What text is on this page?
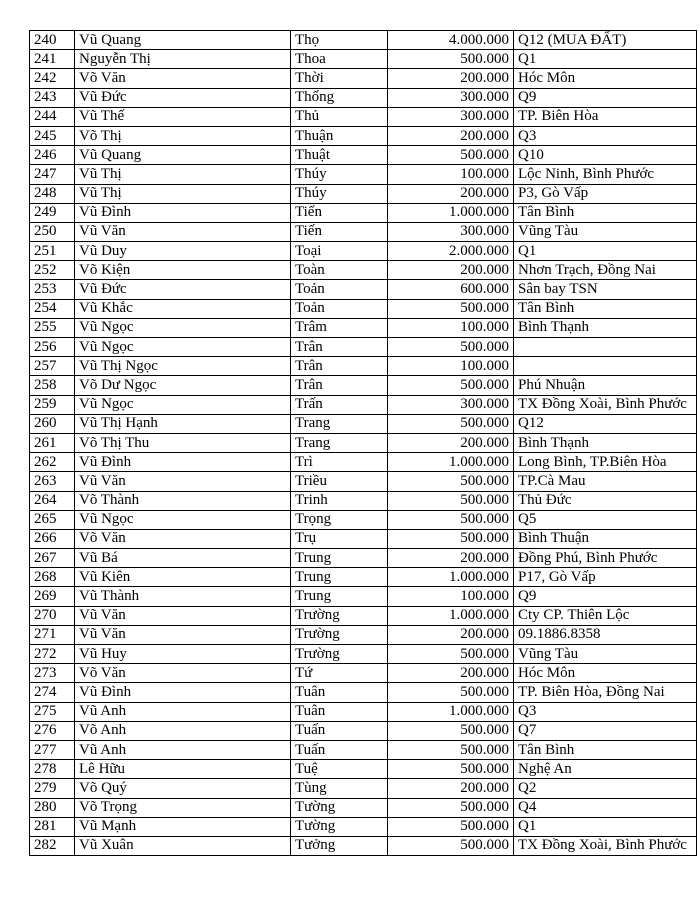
240	Vũ Quang	Thọ	4.000.000	Q12 (MUA ĐẤT)
241	Nguyễn Thị	Thoa	500.000	Q1
242	Võ Văn	Thời	200.000	Hóc Môn
243	Vũ Đức	Thống	300.000	Q9
244	Vũ Thế	Thủ	300.000	TP. Biên Hòa
245	Võ Thị	Thuận	200.000	Q3
246	Vũ Quang	Thuật	500.000	Q10
247	Vũ Thị	Thúy	100.000	Lộc Ninh, Bình Phước
248	Vũ Thị	Thúy	200.000	P3, Gò Vấp
249	Vũ Đình	Tiến	1.000.000	Tân Bình
250	Vũ Văn	Tiến	300.000	Vũng Tàu
251	Vũ Duy	Toại	2.000.000	Q1
252	Võ Kiện	Toàn	200.000	Nhơn Trạch, Đồng Nai
253	Vũ Đức	Toản	600.000	Sân bay TSN
254	Vũ Khắc	Toản	500.000	Tân Bình
255	Vũ Ngọc	Trâm	100.000	Bình Thạnh
256	Vũ Ngọc	Trân	500.000	
257	Vũ Thị Ngọc	Trân	100.000	
258	Võ Dư Ngọc	Trân	500.000	Phú Nhuận
259	Vũ Ngọc	Trấn	300.000	TX Đồng Xoài, Bình Phước
260	Vũ Thị Hạnh	Trang	500.000	Q12
261	Võ Thị Thu	Trang	200.000	Bình Thạnh
262	Vũ Đình	Trì	1.000.000	Long Bình, TP.Biên Hòa
263	Vũ Văn	Triều	500.000	TP.Cà Mau
264	Võ Thành	Trinh	500.000	Thủ Đức
265	Vũ Ngọc	Trọng	500.000	Q5
266	Võ Văn	Trụ	500.000	Bình Thuận
267	Vũ Bá	Trung	200.000	Đồng Phú, Bình Phước
268	Vũ Kiên	Trung	1.000.000	P17, Gò Vấp
269	Vũ Thành	Trung	100.000	Q9
270	Vũ Văn	Trường	1.000.000	Cty CP. Thiên Lộc
271	Vũ Văn	Trường	200.000	09.1886.8358
272	Vũ Huy	Trường	500.000	Vũng Tàu
273	Võ Văn	Tứ	200.000	Hóc Môn
274	Vũ Đình	Tuân	500.000	TP. Biên Hòa, Đồng Nai
275	Vũ Anh	Tuân	1.000.000	Q3
276	Võ Anh	Tuấn	500.000	Q7
277	Vũ Anh	Tuấn	500.000	Tân Bình
278	Lê Hữu	Tuệ	500.000	Nghệ An
279	Võ Quý	Tùng	200.000	Q2
280	Võ Trọng	Tường	500.000	Q4
281	Vũ Mạnh	Tường	500.000	Q1
282	Vũ Xuân	Tưởng	500.000	TX Đồng Xoài, Bình Phước
